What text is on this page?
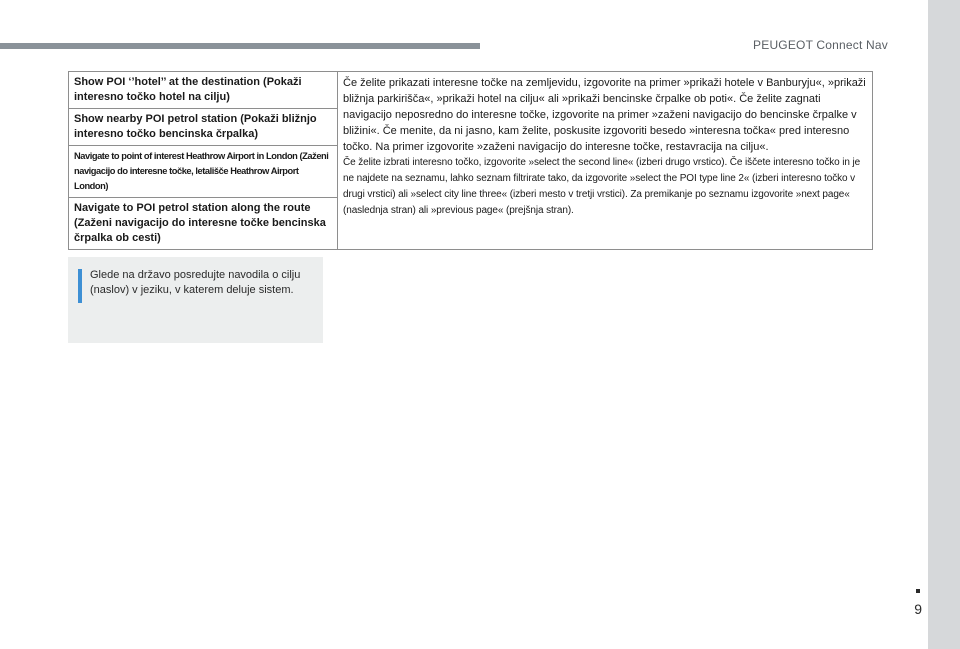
PEUGEOT Connect Nav
Show POI ‘’hotel’’ at the destination (Pokaži interesno točko hotel na cilju)	
Če želite prikazati interesne točke na zemljevidu, izgovorite na primer »prikaži hotele v Banburyju«, »prikaži bližnja parkirišča«, »prikaži hotel na cilju« ali »prikaži bencinske črpalke ob poti«. Če želite zagnati navigacijo neposredno do interesne točke, izgovorite na primer »zaženi navigacijo do bencinske črpalke v bližini«. Če menite, da ni jasno, kam želite, poskusite izgovoriti besedo »interesna točka« pred interesno točko. Na primer izgovorite »zaženi navigacijo do interesne točke, restavracija na cilju«.
Če želite izbrati interesno točko, izgovorite »select the second line« (izberi drugo vrstico). Če iščete interesno točko in je ne najdete na seznamu, lahko seznam filtrirate tako, da izgovorite »select the POI type line 2« (izberi interesno točko v drugi vrstici) ali »select city line three« (izberi mesto v tretji vrstici). Za premikanje po seznamu izgovorite »next page« (naslednja stran) ali »previous page« (prejšnja stran).

Show nearby POI petrol station (Pokaži bližnjo interesno točko bencinska črpalka)
Navigate to point of interest Heathrow Airport in London (Zaženi navigacijo do interesne točke, letališče Heathrow Airport London)
Navigate to POI petrol station along the route (Zaženi navigacijo do interesne točke bencinska črpalka ob cesti)
Glede na državo posredujte navodila o cilju (naslov) v jeziku, v katerem deluje sistem.
9
